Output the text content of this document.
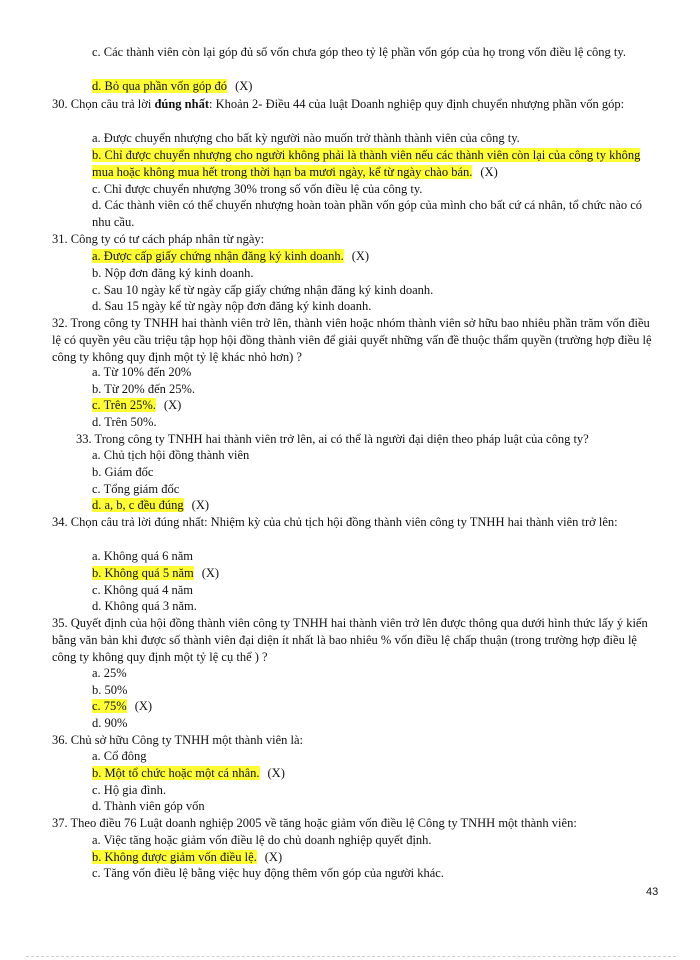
c. Các thành viên còn lại góp đủ số vốn chưa góp theo tỷ lệ phần vốn góp của họ trong vốn điều lệ công ty.
d. Bỏ qua phần vốn góp đó (X)
30. Chọn câu trả lời đúng nhất: Khoản 2- Điều 44 của luật Doanh nghiệp quy định chuyển nhượng phần vốn góp:
a. Được chuyển nhượng cho bất kỳ người nào muốn trở thành thành viên của công ty.
b. Chỉ được chuyển nhượng cho người không phải là thành viên nếu các thành viên còn lại của công ty không mua hoặc không mua hết trong thời hạn ba mươi ngày, kể từ ngày chào bán. (X)
c. Chỉ được chuyển nhượng 30% trong số vốn điều lệ của công ty.
d. Các thành viên có thể chuyển nhượng hoàn toàn phần vốn góp của mình cho bất cứ cá nhân, tổ chức nào có nhu cầu.
31. Công ty có tư cách pháp nhân từ ngày:
a. Được cấp giấy chứng nhận đăng ký kinh doanh. (X)
b. Nộp đơn đăng ký kinh doanh.
c. Sau 10 ngày kể từ ngày cấp giấy chứng nhận đăng ký kinh doanh.
d. Sau 15 ngày kể từ ngày nộp đơn đăng ký kinh doanh.
32. Trong công ty TNHH hai thành viên trở lên, thành viên hoặc nhóm thành viên sở hữu bao nhiêu phần trăm vốn điều lệ có quyền yêu cầu triệu tập họp hội đồng thành viên để giải quyết những vấn đề thuộc thẩm quyền (trường hợp điều lệ công ty không quy định một tỷ lệ khác nhỏ hơn) ?
a. Từ 10% đến 20%
b. Từ 20% đến 25%.
c. Trên 25%. (X)
d. Trên 50%.
33. Trong công ty TNHH hai thành viên trở lên, ai có thể là người đại diện theo pháp luật của công ty?
a. Chủ tịch hội đồng thành viên
b. Giám đốc
c. Tổng giám đốc
d. a, b, c đều đúng (X)
34. Chọn câu trả lời đúng nhất: Nhiệm kỳ của chủ tịch hội đồng thành viên công ty TNHH hai thành viên trở lên:
a. Không quá 6 năm
b. Không quá 5 năm (X)
c. Không quá 4 năm
d. Không quá 3 năm.
35. Quyết định của hội đồng thành viên công ty TNHH hai thành viên trở lên được thông qua dưới hình thức lấy ý kiến bằng văn bản khi được số thành viên đại diện ít nhất là bao nhiêu % vốn điều lệ chấp thuận (trong trường hợp điều lệ công ty không quy định một tỷ lệ cụ thể ) ?
a. 25%
b. 50%
c. 75% (X)
d. 90%
36. Chủ sở hữu Công ty TNHH một thành viên là:
a. Cổ đông
b. Một tổ chức hoặc một cá nhân. (X)
c. Hộ gia đình.
d. Thành viên góp vốn
37. Theo điều 76 Luật doanh nghiệp 2005 về tăng hoặc giảm vốn điều lệ Công ty TNHH một thành viên:
a. Việc tăng hoặc giảm vốn điều lệ do chủ doanh nghiệp quyết định.
b. Không được giảm vốn điều lệ. (X)
c. Tăng vốn điều lệ bằng việc huy động thêm vốn góp của người khác.
43
